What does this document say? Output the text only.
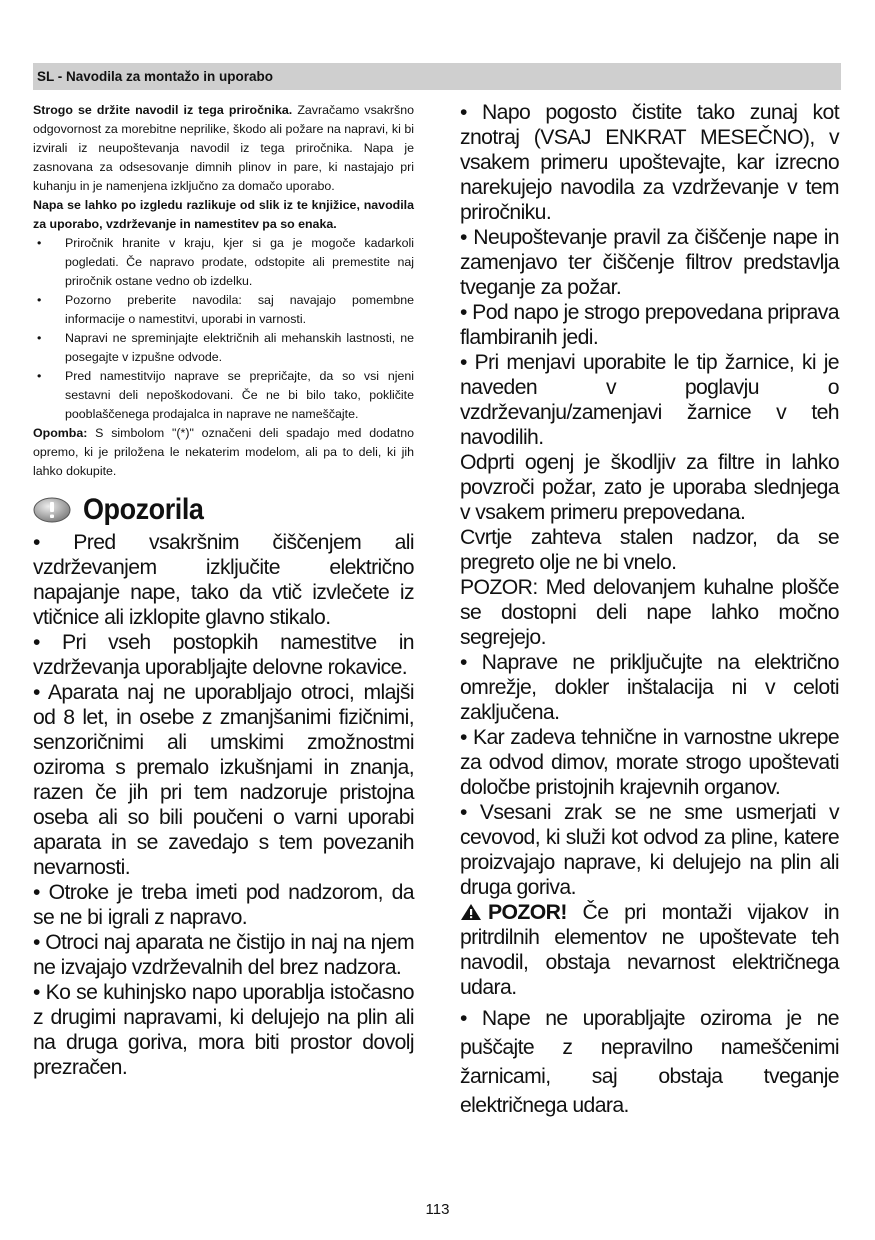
SL - Navodila za montažo in uporabo

Strogo se držite navodil iz tega priročnika. Zavračamo vsakršno odgovornost za morebitne neprilike, škodo ali požare na napravi, ki bi izvirali iz neupoštevanja navodil iz tega priročnika. Napa je zasnovana za odsesovanje dimnih plinov in pare, ki nastajajo pri kuhanju in je namenjena izključno za domačo uporabo.

Napa se lahko po izgledu razlikuje od slik iz te knjižice, navodila za uporabo, vzdrževanje in namestitev pa so enaka.

• Priročnik hranite v kraju, kjer si ga je mogoče kadarkoli pogledati. Če napravo prodate, odstopite ali premestite naj priročnik ostane vedno ob izdelku.
• Pozorno preberite navodila: saj navajajo pomembne informacije o namestitvi, uporabi in varnosti.
• Napravi ne spreminjajte električnih ali mehanskih lastnosti, ne posegajte v izpušne odvode.
• Pred namestitvijo naprave se prepričajte, da so vsi njeni sestavni deli nepoškodovani. Če ne bi bilo tako, pokličite pooblaščenega prodajalca in naprave ne nameščajte.

Opomba: S simbolom "(*)" označeni deli spadajo med dodatno opremo, ki je priložena le nekaterim modelom, ali pa to deli, ki jih lahko dokupite.

Opozorila

• Pred vsakršnim čiščenjem ali vzdrževanjem izključite električno napajanje nape, tako da vtič izvlečete iz vtičnice ali izklopite glavno stikalo.

• Pri vseh postopkih namestitve in vzdrževanja uporabljajte delovne rokavice.

• Aparata naj ne uporabljajo otroci, mlajši od 8 let, in osebe z zmanjšanimi fizičnimi, senzoričnimi ali umskimi zmožnostmi oziroma s premalo izkušnjami in znanja, razen če jih pri tem nadzoruje pristojna oseba ali so bili poučeni o varni uporabi aparata in se zavedajo s tem povezanih nevarnosti.

• Otroke je treba imeti pod nadzorom, da se ne bi igrali z napravo.

• Otroci naj aparata ne čistijo in naj na njem ne izvajajo vzdrževalnih del brez nadzora.

• Ko se kuhinjsko napo uporablja istočasno z drugimi napravami, ki delujejo na plin ali na druga goriva, mora biti prostor dovolj prezračen.

• Napo pogosto čistite tako zunaj kot znotraj (VSAJ ENKRAT MESEČNO), v vsakem primeru upoštevajte, kar izrecno narekujejo navodila za vzdrževanje v tem priročniku.

• Neupoštevanje pravil za čiščenje nape in zamenjavo ter čiščenje filtrov predstavlja tveganje za požar.

• Pod napo je strogo prepovedana priprava flambiranih jedi.

• Pri menjavi uporabite le tip žarnice, ki je naveden v poglavju o vzdrževanju/zamenjavi žarnice v teh navodilih.

Odprti ogenj je škodljiv za filtre in lahko povzroči požar, zato je uporaba slednjega v vsakem primeru prepovedana.

Cvrtje zahteva stalen nadzor, da se pregreto olje ne bi vnelo.

POZOR: Med delovanjem kuhalne plošče se dostopni deli nape lahko močno segrejejo.

• Naprave ne priključujte na električno omrežje, dokler inštalacija ni v celoti zaključena.

• Kar zadeva tehnične in varnostne ukrepe za odvod dimov, morate strogo upoštevati določbe pristojnih krajevnih organov.

• Vsesani zrak se ne sme usmerjati v cevovod, ki služi kot odvod za pline, katere proizvajajo naprave, ki delujejo na plin ali druga goriva.

POZOR! Če pri montaži vijakov in pritrdilnih elementov ne upoštevate teh navodil, obstaja nevarnost električnega udara.

• Nape ne uporabljajte oziroma je ne puščajte z nepravilno nameščenimi žarnicami, saj obstaja tveganje električnega udara.

113
